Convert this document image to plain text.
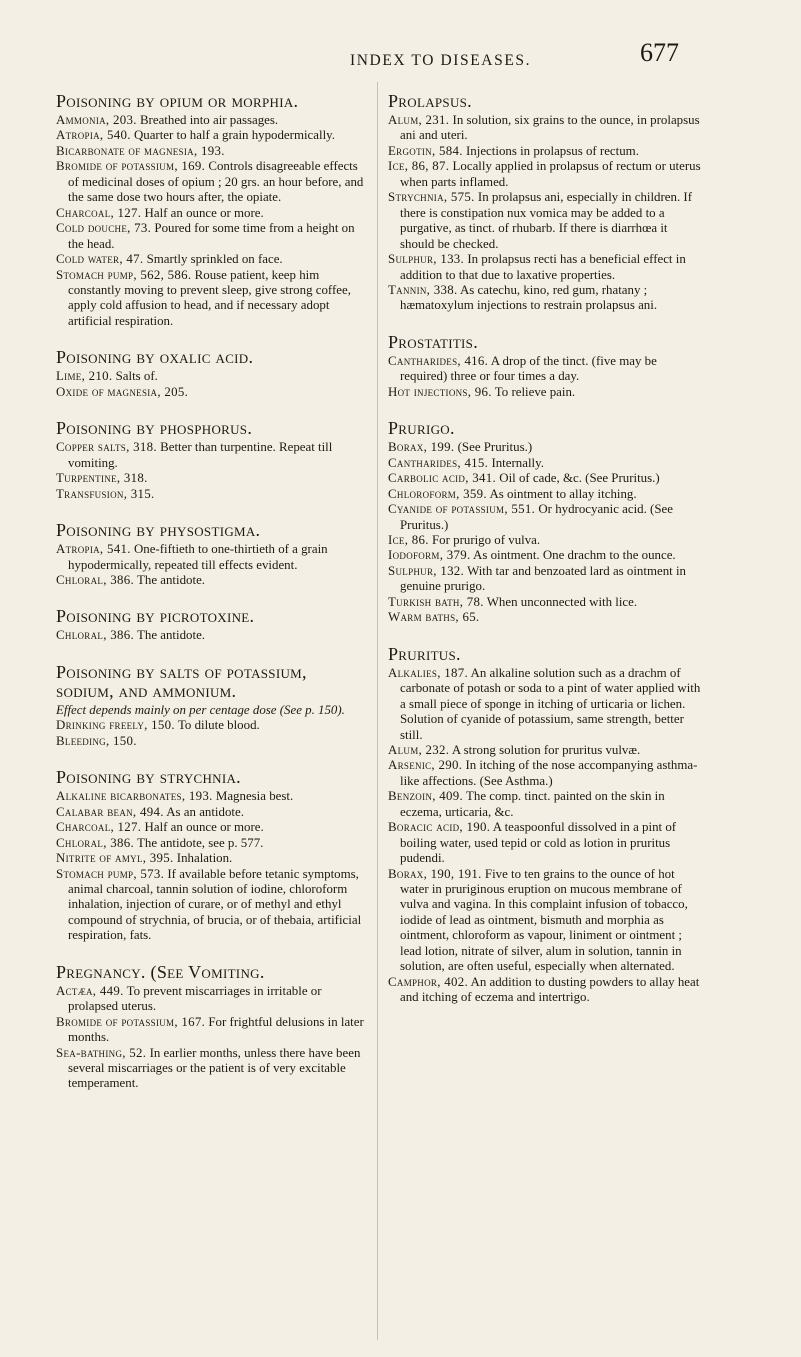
INDEX TO DISEASES.	677
Poisoning by opium or morphia.

Ammonia, 203. Breathed into air passages.

Atropia, 540. Quarter to half a grain hypodermically.

Bicarbonate of magnesia, 193.

Bromide of potassium, 169. Controls disagreeable effects of medicinal doses of opium ; 20 grs. an hour before, and the same dose two hours after, the opiate.

Charcoal, 127. Half an ounce or more.

Cold douche, 73. Poured for some time from a height on the head.

Cold water, 47. Smartly sprinkled on face.

Stomach pump, 562, 586. Rouse patient, keep him constantly moving to prevent sleep, give strong coffee, apply cold affusion to head, and if necessary adopt artificial respiration.

Poisoning by oxalic acid.

Lime, 210. Salts of.

Oxide of magnesia, 205.

Poisoning by phosphorus.

Copper salts, 318. Better than turpentine. Repeat till vomiting.

Turpentine, 318.

Transfusion, 315.

Poisoning by physostigma.

Atropia, 541. One-fiftieth to one-thirtieth of a grain hypodermically, repeated till effects evident.

Chloral, 386. The antidote.

Poisoning by picrotoxine.

Chloral, 386. The antidote.

Poisoning by salts of potassium, sodium, and ammonium.

Effect depends mainly on per centage dose (See p. 150).

Drinking freely, 150. To dilute blood.

Bleeding, 150.

Poisoning by strychnia.

Alkaline bicarbonates, 193. Magnesia best.

Calabar bean, 494. As an antidote.

Charcoal, 127. Half an ounce or more.

Chloral, 386. The antidote, see p. 577.

Nitrite of amyl, 395. Inhalation.

Stomach pump, 573. If available before tetanic symptoms, animal charcoal, tannin solution of iodine, chloroform inhalation, injection of curare, or of methyl and ethyl compound of strychnia, of brucia, or of thebaia, artificial respiration, fats.

Pregnancy. (See Vomiting.

Actæa, 449. To prevent miscarriages in irritable or prolapsed uterus.

Bromide of potassium, 167. For frightful delusions in later months.

Sea-bathing, 52. In earlier months, unless there have been several miscarriages or the patient is of very excitable temperament.

Prolapsus.

Alum, 231. In solution, six grains to the ounce, in prolapsus ani and uteri.

Ergotin, 584. Injections in prolapsus of rectum.

Ice, 86, 87. Locally applied in prolapsus of rectum or uterus when parts inflamed.

Strychnia, 575. In prolapsus ani, especially in children. If there is constipation nux vomica may be added to a purgative, as tinct. of rhubarb. If there is diarrhœa it should be checked.

Sulphur, 133. In prolapsus recti has a beneficial effect in addition to that due to laxative properties.

Tannin, 338. As catechu, kino, red gum, rhatany ; hæmatoxylum injections to restrain prolapsus ani.

Prostatitis.

Cantharides, 416. A drop of the tinct. (five may be required) three or four times a day.

Hot injections, 96. To relieve pain.

Prurigo.

Borax, 199. (See Pruritus.)

Cantharides, 415. Internally.

Carbolic acid, 341. Oil of cade, &c. (See Pruritus.)

Chloroform, 359. As ointment to allay itching.

Cyanide of potassium, 551. Or hydrocyanic acid. (See Pruritus.)

Ice, 86. For prurigo of vulva.

Iodoform, 379. As ointment. One drachm to the ounce.

Sulphur, 132. With tar and benzoated lard as ointment in genuine prurigo.

Turkish bath, 78. When unconnected with lice.

Warm baths, 65.

Pruritus.

Alkalies, 187. An alkaline solution such as a drachm of carbonate of potash or soda to a pint of water applied with a small piece of sponge in itching of urticaria or lichen. Solution of cyanide of potassium, same strength, better still.

Alum, 232. A strong solution for pruritus vulvæ.

Arsenic, 290. In itching of the nose accompanying asthma-like affections. (See Asthma.)

Benzoin, 409. The comp. tinct. painted on the skin in eczema, urticaria, &c.

Boracic acid, 190. A teaspoonful dissolved in a pint of boiling water, used tepid or cold as lotion in pruritus pudendi.

Borax, 190, 191. Five to ten grains to the ounce of hot water in pruriginous eruption on mucous membrane of vulva and vagina. In this complaint infusion of tobacco, iodide of lead as ointment, bismuth and morphia as ointment, chloroform as vapour, liniment or ointment ; lead lotion, nitrate of silver, alum in solution, tannin in solution, are often useful, especially when alternated.

Camphor, 402. An addition to dusting powders to allay heat and itching of eczema and intertrigo.
